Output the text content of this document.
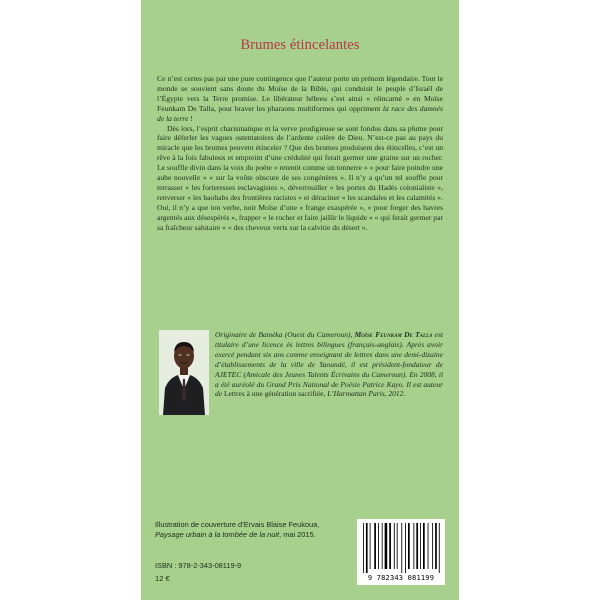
Brumes étincelantes

Ce n’est certes pas par une pure contingence que l’auteur porte un prénom légendaire. Tout le monde se souvient sans doute du Moïse de la Bible, qui conduisit le peuple d’Israël de l’Égypte vers la Terre promise. Le libérateur hébreu s’est ainsi « réincarné » en Moïse Feunkam De Talla, pour braver les pharaons multiformes qui oppriment la race des damnés de la terre !

Dès lors, l’esprit charismatique et la verve prodigieuse se sont fondus dans sa plume pour faire déferler les vagues ostentatoires de l’ardente colère de Dieu. N’est-ce pas au pays du miracle que les brumes peuvent étinceler ? Que des brumes produisent des étincelles, c’est un rêve à la fois fabuleux et empreint d’une crédulité qui ferait germer une graine sur un rocher. Le souffle divin dans la voix du poète « retentit comme un tonnerre » « pour faire poindre une aube nouvelle » « sur la voûte obscure de ses congénères ». Il n’y a qu’un tel souffle pour terrasser « les forteresses esclavagistes », déverrouiller « les portes du Hadès colonialiste », renverser « les baobabs des frontières racistes » et déraciner « les scandales et les calamités ». Oui, il n’y a que ton verbe, noir Moïse d’une « frange exaspérée », « pour forger des havres argentés aux désespérés », frapper « le rocher et faire jaillir le liquide » « qui ferait germer par sa fraîcheur salutaire » « des cheveux verts sur la calvitie du désert ».

Originaire de Bamèka (Ouest du Cameroun), Moïse Feunkam De Talla est titulaire d’une licence ès lettres bilingues (français-anglais). Après avoir exercé pendant six ans comme enseignant de lettres dans une demi-dizaine d’établissements de la ville de Yaoundé, il est président-fondateur de AJETEC (Amicale des Jeunes Talents Écrivains du Cameroun). En 2008, il a été auréolé du Grand Prix National de Poésie Patrice Kayo. Il est auteur de Lettres à une génération sacrifiée, L’Harmattan Paris, 2012.
Illustration de couverture d’Ervais Blaise Feukoua,
Paysage urbain à la tombée de la nuit, mai 2015.
ISBN : 978-2-343-08119-9
12 €	9 782343 081199
